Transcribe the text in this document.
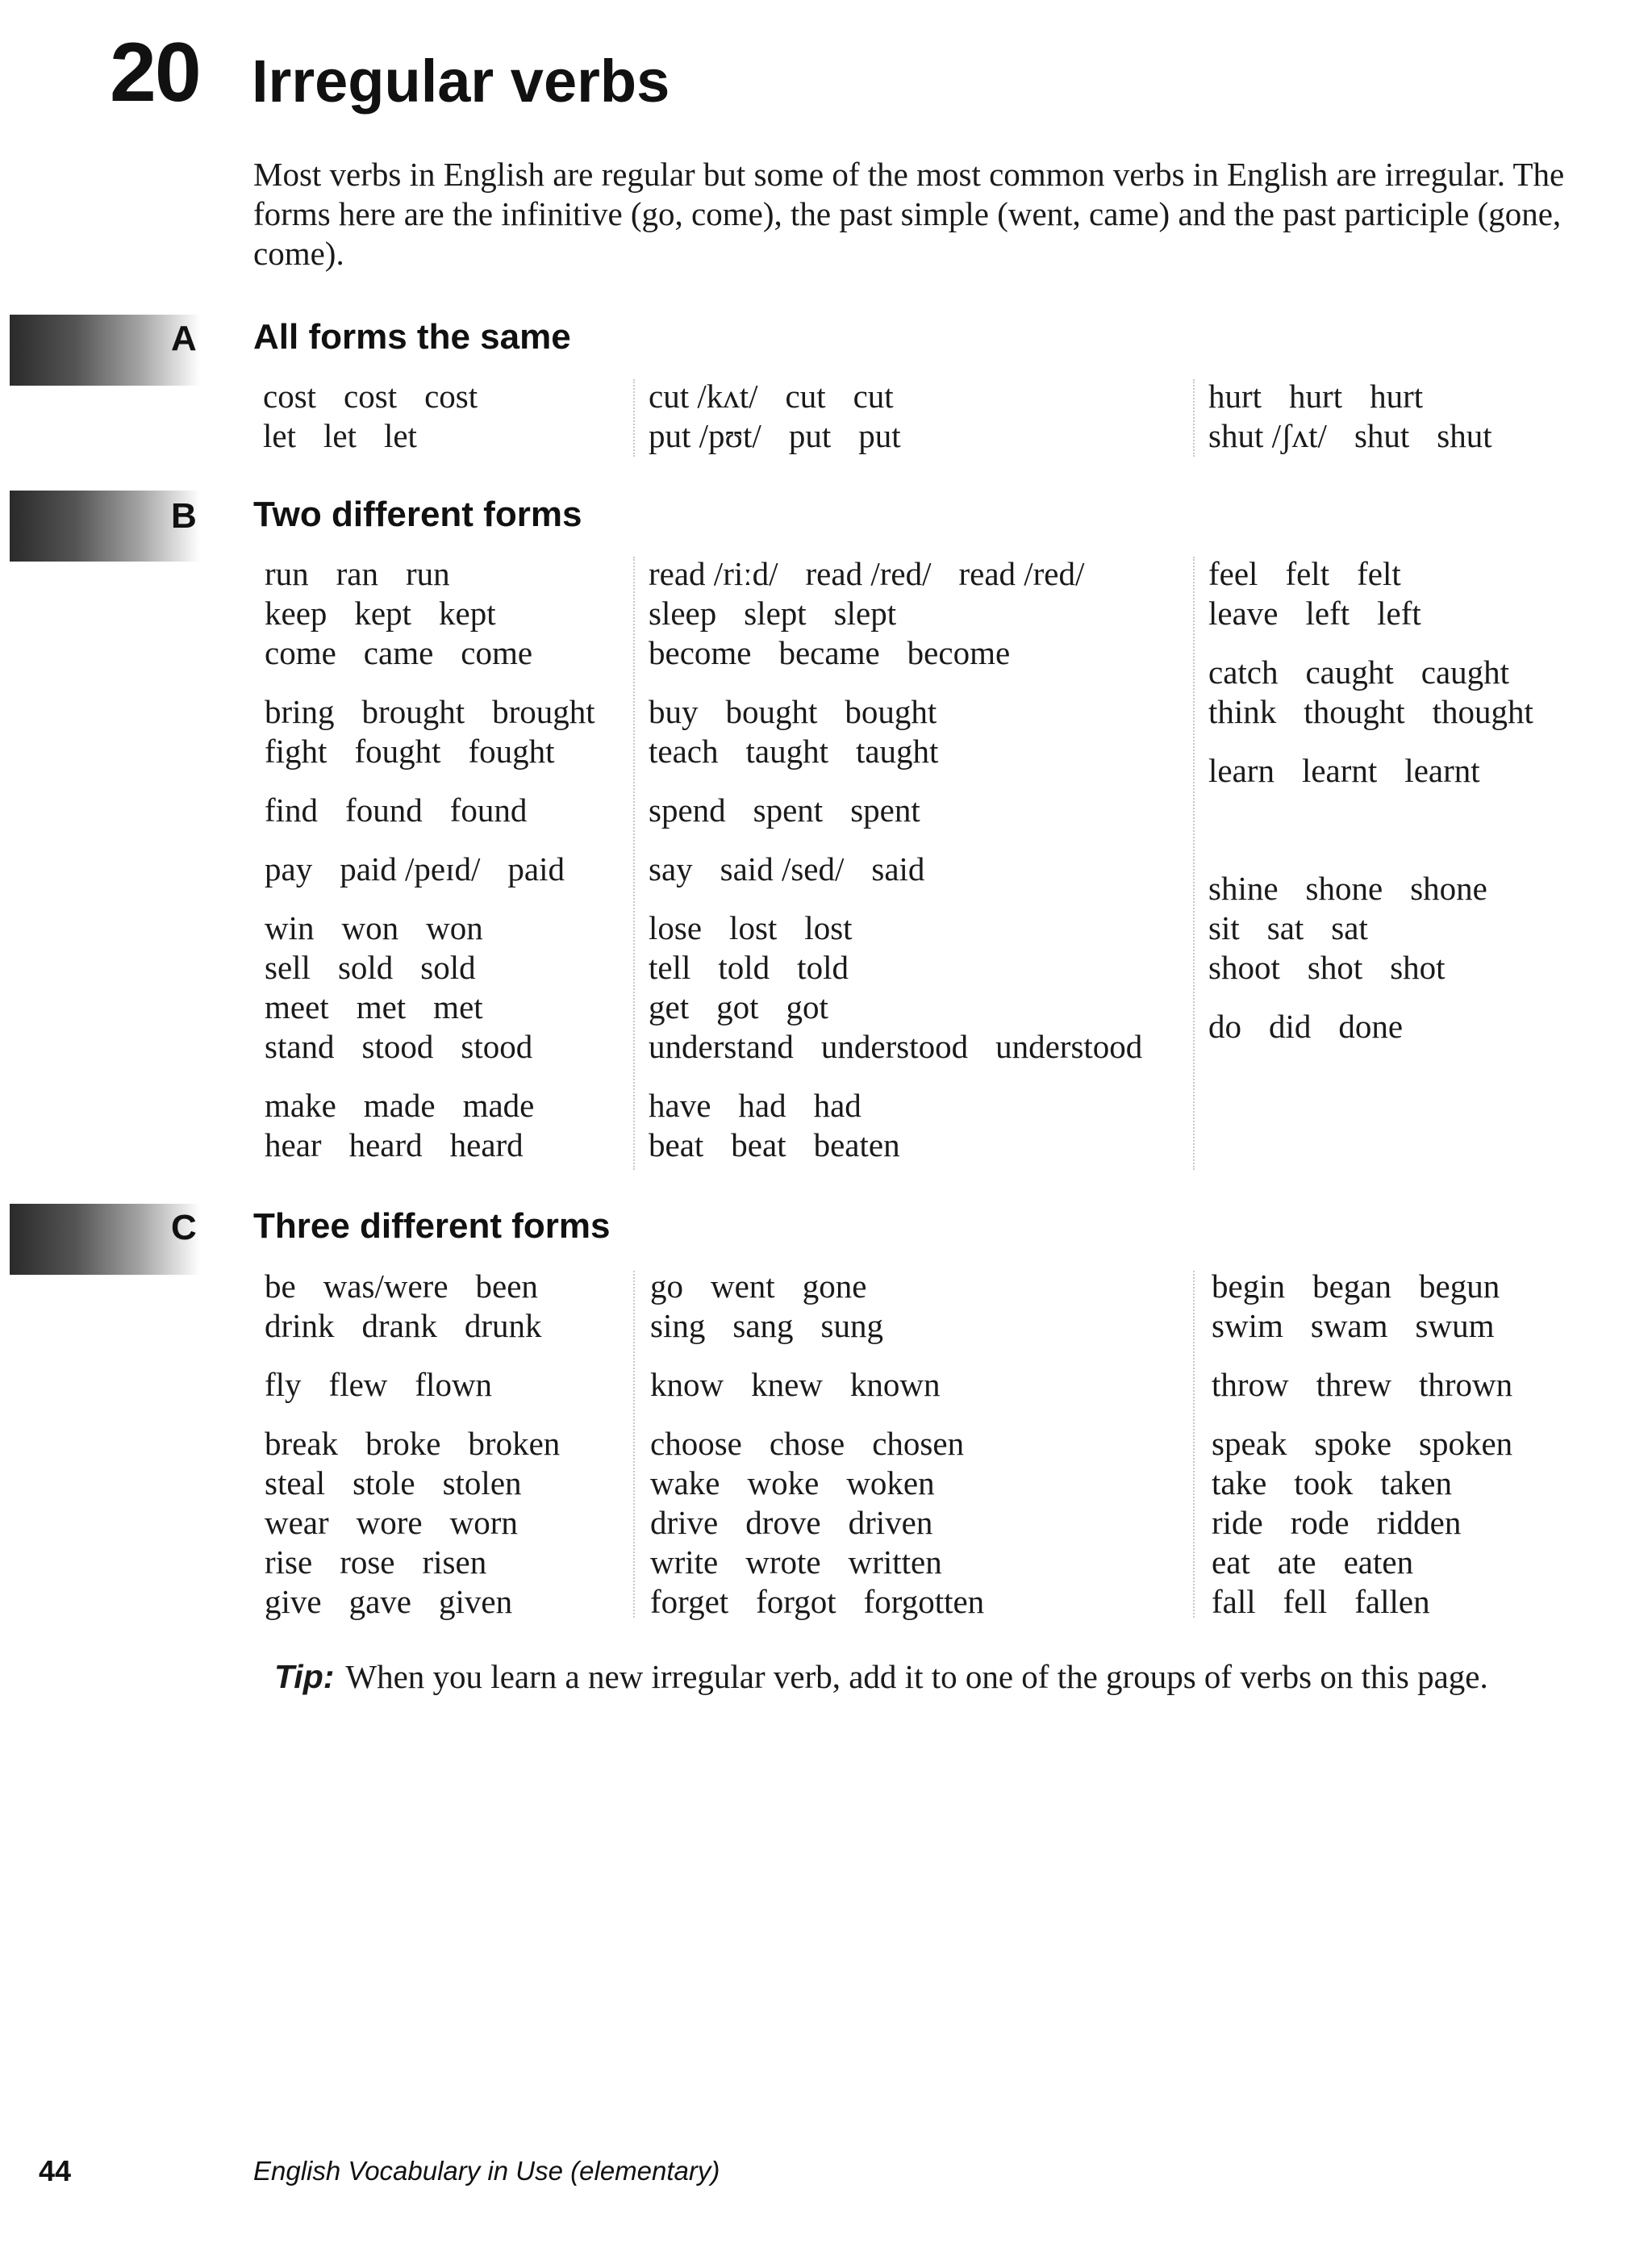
20 Irregular verbs
Most verbs in English are regular but some of the most common verbs in English are irregular. The forms here are the infinitive (go, come), the past simple (went, came) and the past participle (gone, come).
A All forms the same
cost cost cost
let let let
cut /kʌt/ cut cut
put /pʊt/ put put
hurt hurt hurt
shut /ʃʌt/ shut shut
B Two different forms
run ran run
keep kept kept
come came come
bring brought brought
fight fought fought
find found found
pay paid /peɪd/ paid
win won won
sell sold sold
meet met met
stand stood stood
make made made
hear heard heard
read /riːd/ read /red/ read /red/
sleep slept slept
become became become
buy bought bought
teach taught taught
spend spent spent
say said /sed/ said
lose lost lost
tell told told
get got got
understand understood understood
have had had
beat beat beaten
feel felt felt
leave left left
catch caught caught
think thought thought
learn learnt learnt
shine shone shone
sit sat sat
shoot shot shot
do did done
C Three different forms
be was/were been
drink drank drunk
fly flew flown
break broke broken
steal stole stolen
wear wore worn
rise rose risen
give gave given
go went gone
sing sang sung
know knew known
choose chose chosen
wake woke woken
drive drove driven
write wrote written
forget forgot forgotten
begin began begun
swim swam swum
throw threw thrown
speak spoke spoken
take took taken
ride rode ridden
eat ate eaten
fall fell fallen
Tip: When you learn a new irregular verb, add it to one of the groups of verbs on this page.
44	English Vocabulary in Use (elementary)
